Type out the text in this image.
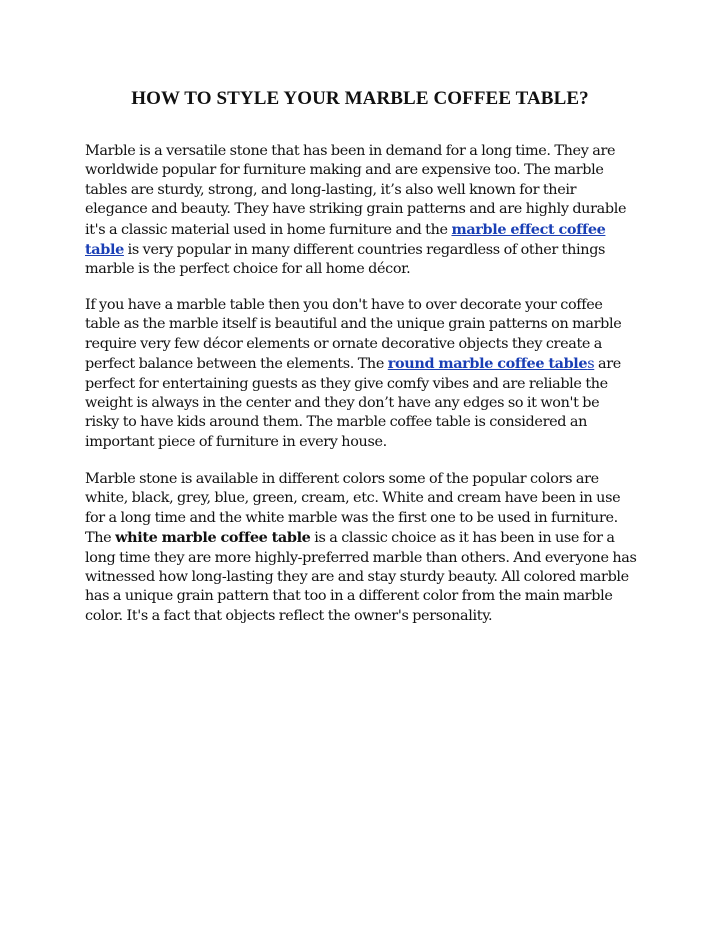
HOW TO STYLE YOUR MARBLE COFFEE TABLE?

Marble is a versatile stone that has been in demand for a long time. They are worldwide popular for furniture making and are expensive too. The marble tables are sturdy, strong, and long-lasting, it’s also well known for their elegance and beauty. They have striking grain patterns and are highly durable it's a classic material used in home furniture and the marble effect coffee table is very popular in many different countries regardless of other things marble is the perfect choice for all home décor.

If you have a marble table then you don't have to over decorate your coffee table as the marble itself is beautiful and the unique grain patterns on marble require very few décor elements or ornate decorative objects they create a perfect balance between the elements. The round marble coffee tables are perfect for entertaining guests as they give comfy vibes and are reliable the weight is always in the center and they don’t have any edges so it won't be risky to have kids around them. The marble coffee table is considered an important piece of furniture in every house.

Marble stone is available in different colors some of the popular colors are white, black, grey, blue, green, cream, etc. White and cream have been in use for a long time and the white marble was the first one to be used in furniture. The white marble coffee table is a classic choice as it has been in use for a long time they are more highly-preferred marble than others. And everyone has witnessed how long-lasting they are and stay sturdy beauty. All colored marble has a unique grain pattern that too in a different color from the main marble color. It's a fact that objects reflect the owner's personality.
